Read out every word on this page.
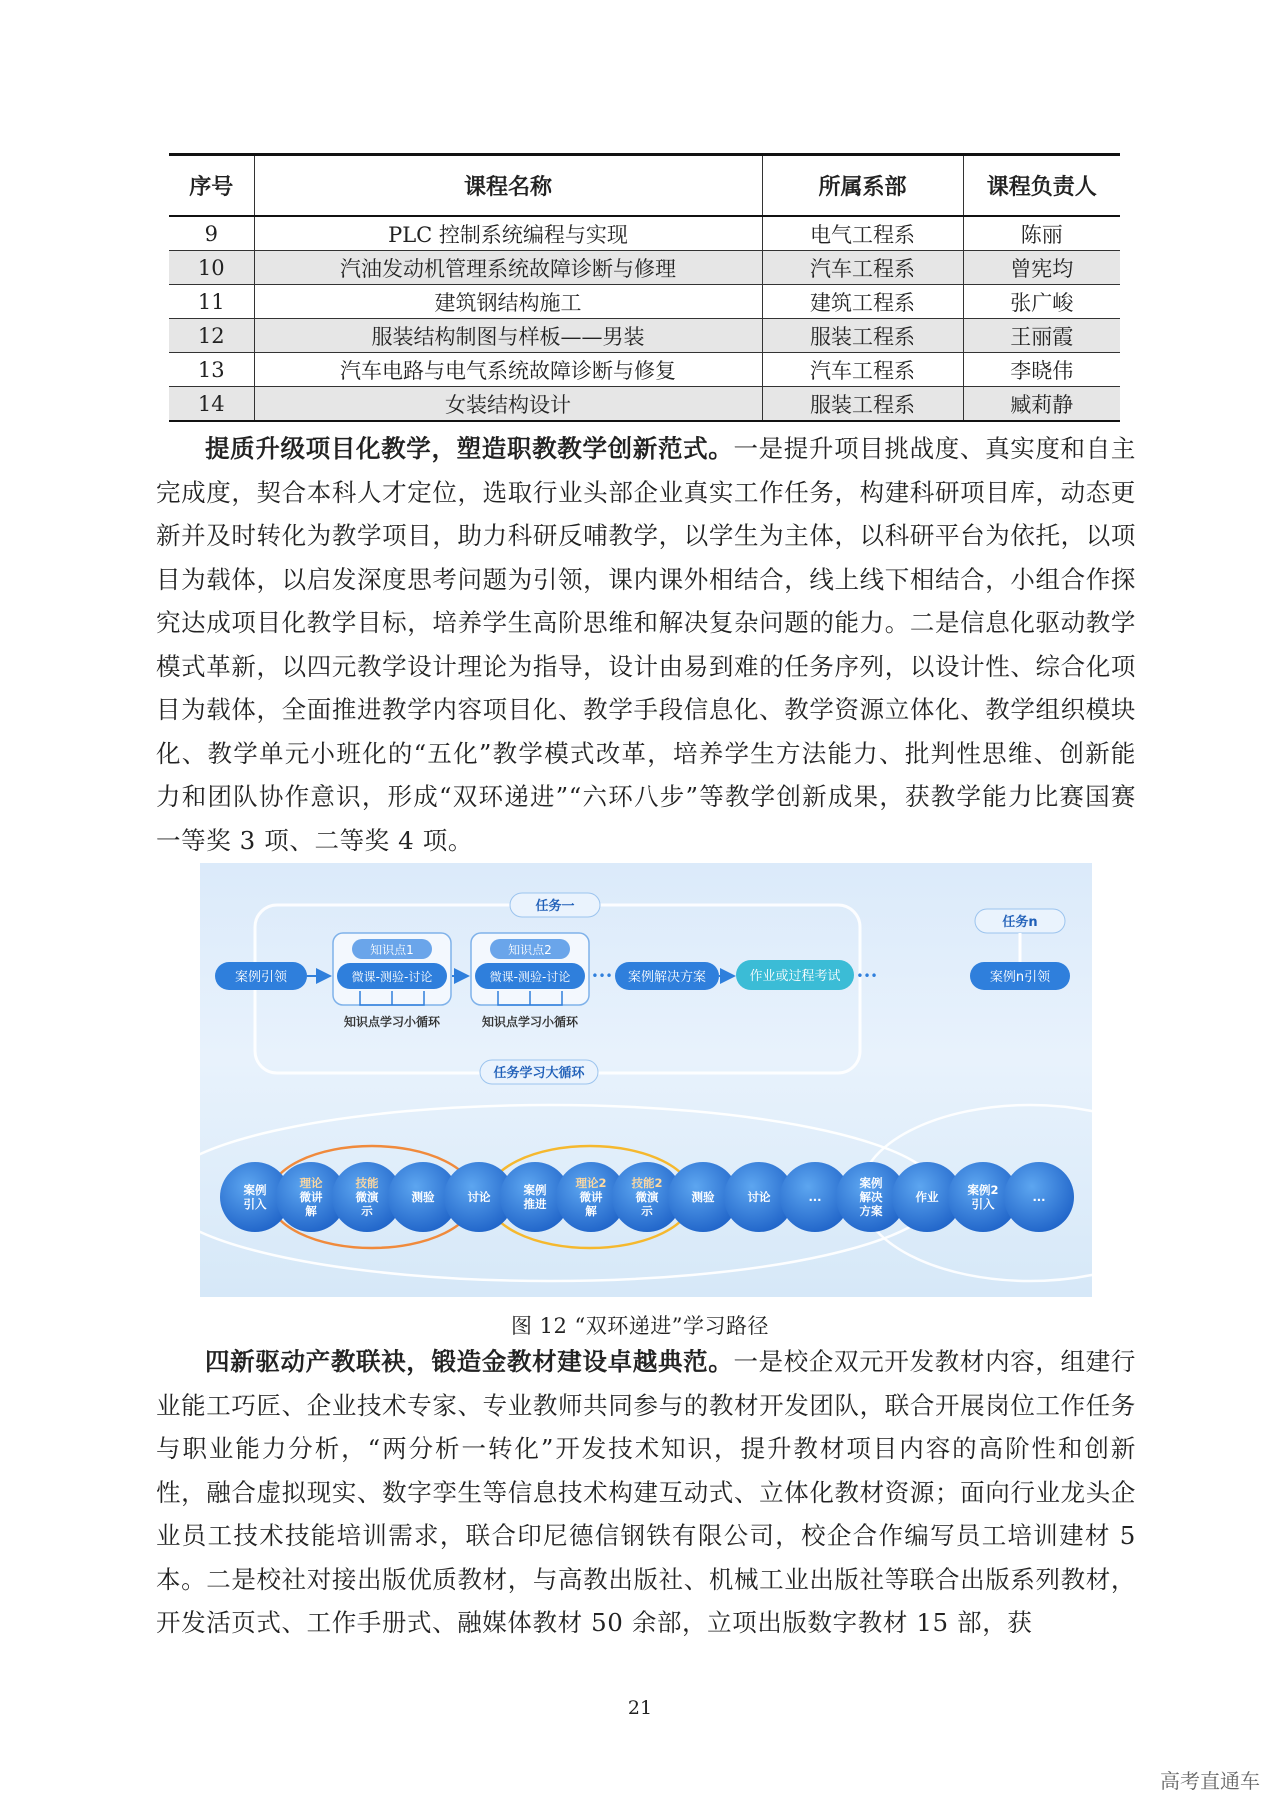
序号	课程名称	所属系部	课程负责人
9	PLC 控制系统编程与实现	电气工程系	陈丽
10	汽油发动机管理系统故障诊断与修理	汽车工程系	曾宪均
11	建筑钢结构施工	建筑工程系	张广峻
12	服装结构制图与样板——男装	服装工程系	王丽霞
13	汽车电路与电气系统故障诊断与修复	汽车工程系	李晓伟
14	女装结构设计	服装工程系	臧莉静
提质升级项目化教学，塑造职教教学创新范式。一是提升项目挑战度、真实度和自主完成度，契合本科人才定位，选取行业头部企业真实工作任务，构建科研项目库，动态更新并及时转化为教学项目，助力科研反哺教学，以学生为主体，以科研平台为依托，以项目为载体，以启发深度思考问题为引领，课内课外相结合，线上线下相结合，小组合作探究达成项目化教学目标，培养学生高阶思维和解决复杂问题的能力。二是信息化驱动教学模式革新，以四元教学设计理论为指导，设计由易到难的任务序列，以设计性、综合化项目为载体，全面推进教学内容项目化、教学手段信息化、教学资源立体化、教学组织模块化、教学单元小班化的“五化”教学模式改革，培养学生方法能力、批判性思维、创新能力和团队协作意识，形成“双环递进”“六环八步”等教学创新成果，获教学能力比赛国赛一等奖 3 项、二等奖 4 项。
任务一
任务n
案例引领
知识点1
微课-测验-讨论
知识点学习小循环
知识点2
微课-测验-讨论
知识点学习小循环
••• 案例解决方案	作业或过程考试 •••	案例n引领
任务学习大循环
案例
引入
理论
微讲
解
技能
微演
示
测验	讨论	案例
推进
理论2
微讲
解
技能2
微演
示
测验	讨论	...
案例
解决
方案
作业	案例2
引入	...
图 12 “双环递进”学习路径
四新驱动产教联袂，锻造金教材建设卓越典范。一是校企双元开发教材内容，组建行业能工巧匠、企业技术专家、专业教师共同参与的教材开发团队，联合开展岗位工作任务与职业能力分析，“两分析一转化”开发技术知识，提升教材项目内容的高阶性和创新性，融合虚拟现实、数字孪生等信息技术构建互动式、立体化教材资源；面向行业龙头企业员工技术技能培训需求，联合印尼德信钢铁有限公司，校企合作编写员工培训建材 5 本。二是校社对接出版优质教材，与高教出版社、机械工业出版社等联合出版系列教材，开发活页式、工作手册式、融媒体教材 50 余部，立项出版数字教材 15 部，获
21
高考直通车
